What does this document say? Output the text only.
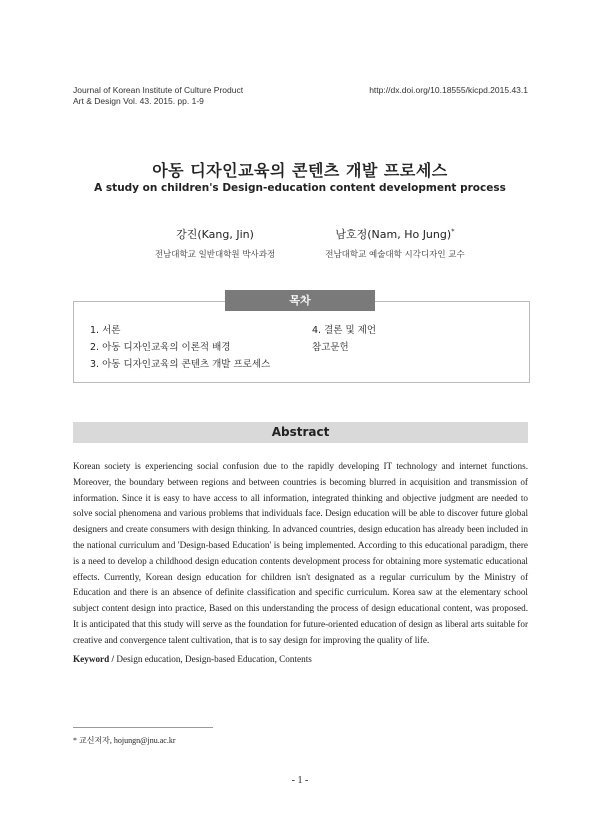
Journal of Korean Institute of Culture Product
Art & Design Vol. 43. 2015. pp. 1-9
http://dx.doi.org/10.18555/kicpd.2015.43.1
아동 디자인교육의 콘텐츠 개발 프로세스
A study on children's Design-education content development process
강진(Kang, Jin)
전남대학교 일반대학원 박사과정
남호정(Nam, Ho Jung)*
전남대학교 예술대학 시각디자인 교수
목차
1. 서론
2. 아동 디자인교육의 이론적 배경
3. 아동 디자인교육의 콘텐츠 개발 프로세스
4. 결론 및 제언
참고문헌
Abstract
Korean society is experiencing social confusion due to the rapidly developing IT technology and internet functions. Moreover, the boundary between regions and between countries is becoming blurred in acquisition and transmission of information. Since it is easy to have access to all information, integrated thinking and objective judgment are needed to solve social phenomena and various problems that individuals face. Design education will be able to discover future global designers and create consumers with design thinking. In advanced countries, design education has already been included in the national curriculum and 'Design-based Education' is being implemented. According to this educational paradigm, there is a need to develop a childhood design education contents development process for obtaining more systematic educational effects. Currently, Korean design education for children isn't designated as a regular curriculum by the Ministry of Education and there is an absence of definite classification and specific curriculum. Korea saw at the elementary school subject content design into practice, Based on this understanding the process of design educational content, was proposed. It is anticipated that this study will serve as the foundation for future-oriented education of design as liberal arts suitable for creative and convergence talent cultivation, that is to say design for improving the quality of life.
Keyword / Design education, Design-based Education, Contents
* 교신저자, hojungn@jnu.ac.kr
- 1 -
